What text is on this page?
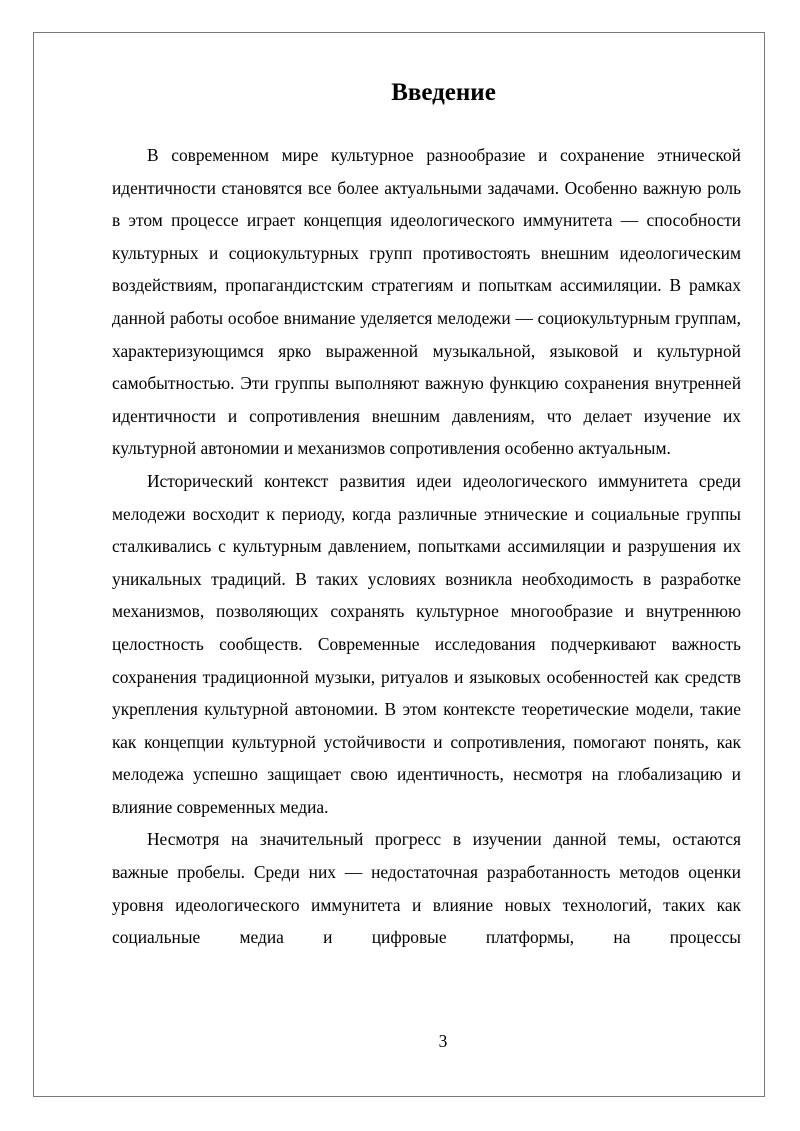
Введение

В современном мире культурное разнообразие и сохранение этнической идентичности становятся все более актуальными задачами. Особенно важную роль в этом процессе играет концепция идеологического иммунитета — способности культурных и социокультурных групп противостоять внешним идеологическим воздействиям, пропагандистским стратегиям и попыткам ассимиляции. В рамках данной работы особое внимание уделяется мелодежи — социокультурным группам, характеризующимся ярко выраженной музыкальной, языковой и культурной самобытностью. Эти группы выполняют важную функцию сохранения внутренней идентичности и сопротивления внешним давлениям, что делает изучение их культурной автономии и механизмов сопротивления особенно актуальным.

Исторический контекст развития идеи идеологического иммунитета среди мелодежи восходит к периоду, когда различные этнические и социальные группы сталкивались с культурным давлением, попытками ассимиляции и разрушения их уникальных традиций. В таких условиях возникла необходимость в разработке механизмов, позволяющих сохранять культурное многообразие и внутреннюю целостность сообществ. Современные исследования подчеркивают важность сохранения традиционной музыки, ритуалов и языковых особенностей как средств укрепления культурной автономии. В этом контексте теоретические модели, такие как концепции культурной устойчивости и сопротивления, помогают понять, как мелодежа успешно защищает свою идентичность, несмотря на глобализацию и влияние современных медиа.

Несмотря на значительный прогресс в изучении данной темы, остаются важные пробелы. Среди них — недостаточная разработанность методов оценки уровня идеологического иммунитета и влияние новых технологий, таких как социальные медиа и цифровые платформы, на процессы

3
